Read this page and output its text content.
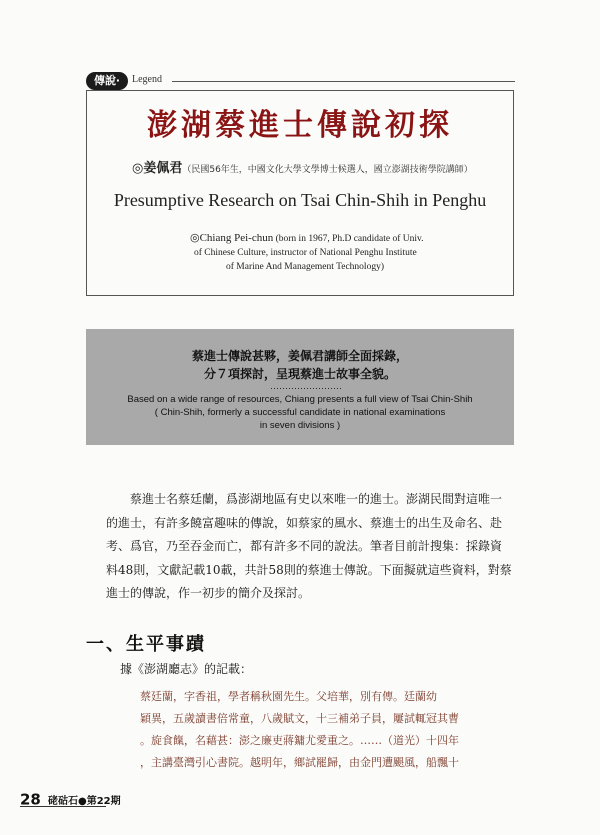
傳說‧	Legend
澎湖蔡進士傳說初探
◎姜佩君（民國56年生，中國文化大學文學博士候選人，國立澎湖技術學院講師）
Presumptive Research on Tsai Chin-Shih in Penghu
◎Chiang Pei-chun (born in 1967, Ph.D candidate of Univ.
of Chinese Culture, instructor of National Penghu Institute
of Marine And Management Technology)
蔡進士傳說甚夥，姜佩君講師全面採錄，
分７項探討，呈現蔡進士故事全貌。
‥‥‥‥‥‥‥‥‥‥‥‥
Based on a wide range of resources, Chiang presents a full view of Tsai Chin-Shih
( Chin-Shih, formerly a successful candidate in national examinations
in seven divisions )
蔡進士名蔡廷蘭，爲澎湖地區有史以來唯一的進士。澎湖民間對這唯一
的進士，有許多饒富趣味的傳說，如蔡家的風水、蔡進士的出生及命名、赴
考、爲官，乃至吞金而亡，都有許多不同的說法。筆者目前計搜集：採錄資
料48則，文獻記載10載，共計58則的蔡進士傳說。下面擬就這些資料，對蔡
進士的傳說，作一初步的簡介及探討。
一、生平事蹟
據《澎湖廳志》的記載：
蔡廷蘭，字香祖，學者稱秋園先生。父培華，別有傳。廷蘭幼
穎異，五歲讀書倍常童，八歲賦文，十三補弟子員，屢試輒冠其曹
。旋食餼，名藉甚：澎之廉吏蔣鏞尤愛重之。……（道光）十四年
，主講臺灣引心書院。越明年，鄉試罷歸，由金門遭颶風，船飄十
28 硓𥑮石●第22期
